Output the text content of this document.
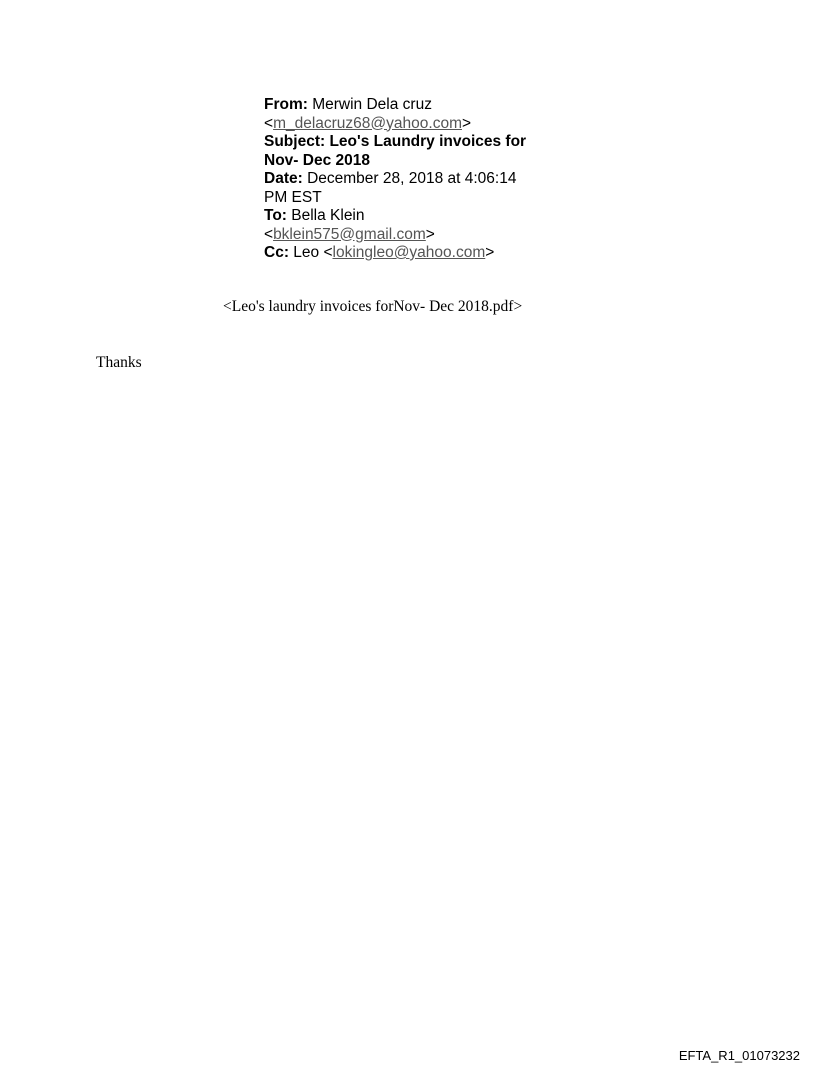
From: Merwin Dela cruz
<m_delacruz68@yahoo.com>
Subject: Leo's Laundry invoices for
Nov- Dec 2018
Date: December 28, 2018 at 4:06:14
PM EST
To: Bella Klein
<bklein575@gmail.com>
Cc: Leo <lokingleo@yahoo.com>
<Leo's laundry invoices forNov- Dec 2018.pdf>
Thanks
EFTA_R1_01073232
